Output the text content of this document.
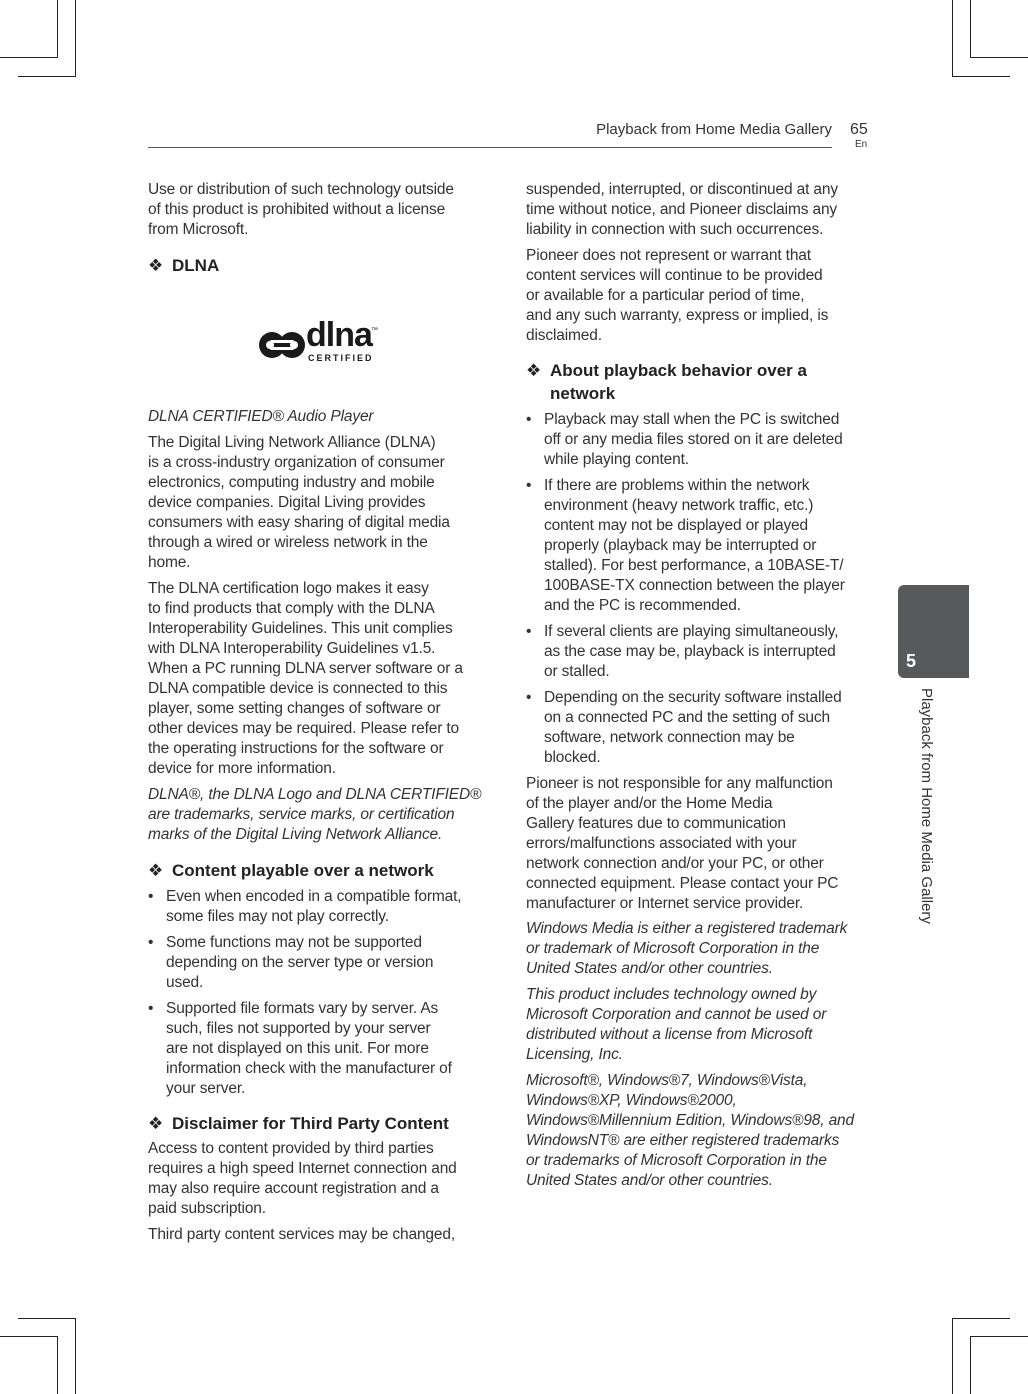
Playback from Home Media Gallery 65
En
5
Playback from Home Media Gallery
Use or distribution of such technology outside
of this product is prohibited without a license
from Microsoft.
❖ DLNA
dlna ™
CERTIFIED
DLNA CERTIFIED® Audio Player
The Digital Living Network Alliance (DLNA)
is a cross-industry organization of consumer
electronics, computing industry and mobile
device companies. Digital Living provides
consumers with easy sharing of digital media
through a wired or wireless network in the
home.
The DLNA certification logo makes it easy
to find products that comply with the DLNA
Interoperability Guidelines. This unit complies
with DLNA Interoperability Guidelines v1.5.
When a PC running DLNA server software or a
DLNA compatible device is connected to this
player, some setting changes of software or
other devices may be required. Please refer to
the operating instructions for the software or
device for more information.
DLNA®, the DLNA Logo and DLNA CERTIFIED®
are trademarks, service marks, or certification
marks of the Digital Living Network Alliance.
❖ Content playable over a network
• Even when encoded in a compatible format,
some files may not play correctly.
• Some functions may not be supported
depending on the server type or version
used.
• Supported file formats vary by server. As
such, files not supported by your server
are not displayed on this unit. For more
information check with the manufacturer of
your server.
❖ Disclaimer for Third Party Content
Access to content provided by third parties
requires a high speed Internet connection and
may also require account registration and a
paid subscription.
Third party content services may be changed,
suspended, interrupted, or discontinued at any
time without notice, and Pioneer disclaims any
liability in connection with such occurrences.
Pioneer does not represent or warrant that
content services will continue to be provided
or available for a particular period of time,
and any such warranty, express or implied, is
disclaimed.
❖ About playback behavior over a
network
• Playback may stall when the PC is switched
off or any media files stored on it are deleted
while playing content.
• If there are problems within the network
environment (heavy network traffic, etc.)
content may not be displayed or played
properly (playback may be interrupted or
stalled). For best performance, a 10BASE-T/
100BASE-TX connection between the player
and the PC is recommended.
• If several clients are playing simultaneously,
as the case may be, playback is interrupted
or stalled.
• Depending on the security software installed
on a connected PC and the setting of such
software, network connection may be
blocked.
Pioneer is not responsible for any malfunction
of the player and/or the Home Media
Gallery features due to communication
errors/malfunctions associated with your
network connection and/or your PC, or other
connected equipment. Please contact your PC
manufacturer or Internet service provider.
Windows Media is either a registered trademark
or trademark of Microsoft Corporation in the
United States and/or other countries.
This product includes technology owned by
Microsoft Corporation and cannot be used or
distributed without a license from Microsoft
Licensing, Inc.
Microsoft®, Windows®7, Windows®Vista,
Windows®XP, Windows®2000,
Windows®Millennium Edition, Windows®98, and
WindowsNT® are either registered trademarks
or trademarks of Microsoft Corporation in the
United States and/or other countries.
